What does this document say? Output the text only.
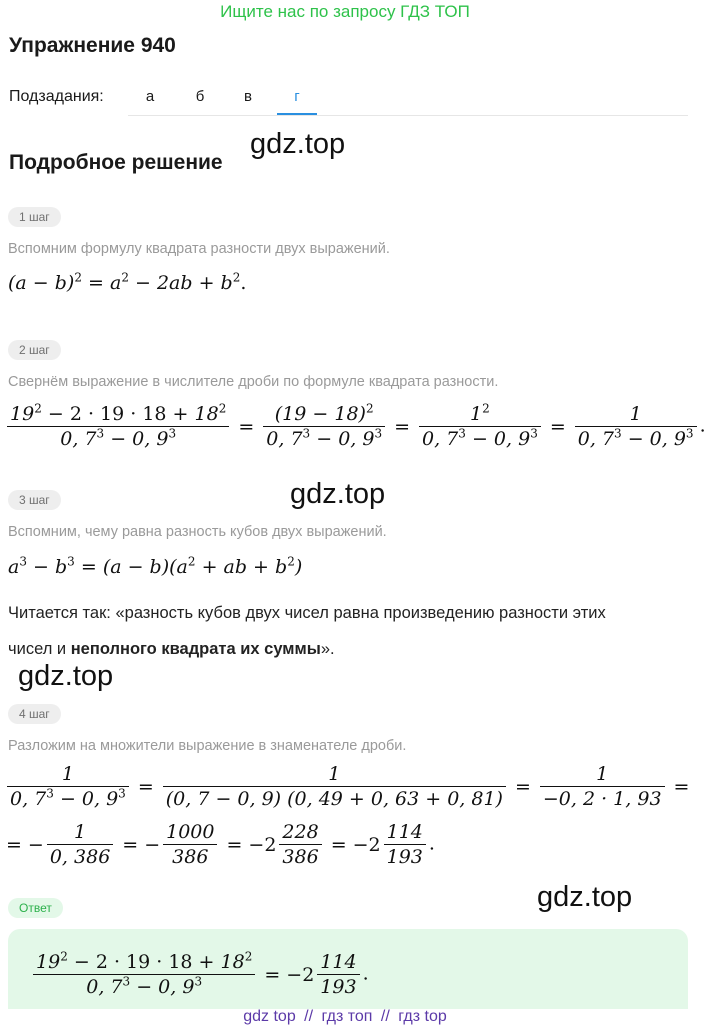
Ищите нас по запросу ГДЗ ТОП
Упражнение 940
Подзадания:	а	б	в	г
Подробное решение
gdz.top
gdz.top
gdz.top
gdz.top
1 шаг
Вспомним формулу квадрата разности двух выражений.
$(a - b)^2 = a^2 - 2ab + b^2$.
2 шаг
Свернём выражение в числителе дроби по формуле квадрата разности.
$\frac{19^2 - 2 \cdot 19 \cdot 18 + 18^2}{0, 7^3 - 0, 9^3} = \frac{(19 - 18)^2}{0, 7^3 - 0, 9^3} = \frac{1^2}{0, 7^3 - 0, 9^3} = \frac{1}{0, 7^3 - 0, 9^3}$ .
3 шаг
Вспомним, чему равна разность кубов двух выражений.
$a^3 - b^3 = (a - b)(a^2$ + ab + $b^2$)
Читается так: «разность кубов двух чисел равна произведению разности этих
чисел и неполного квадрата их суммы».
4 шаг
Разложим на множители выражение в знаменателе дроби.
$\frac{1}{0, 7^3 - 0, 9^3} = \frac{1}{(0, 7 - 0, 9) (0, 49 + 0, 63 + 0, 81)} = \frac{1}{-0, 2 \cdot 1, 93}$ =
= − $\frac{1}{0, 386}$ = − $\frac{1000}{386} = -2 \frac{228}{386} = -2 \frac{114}{193}$ .
Ответ
$\frac{19^2 - 2 \cdot 19 \cdot 18 + 18^2}{0, 7^3 - 0, 9^3} = -2 \frac{114}{193}$ .
gdz top // гдз топ // гдз top
